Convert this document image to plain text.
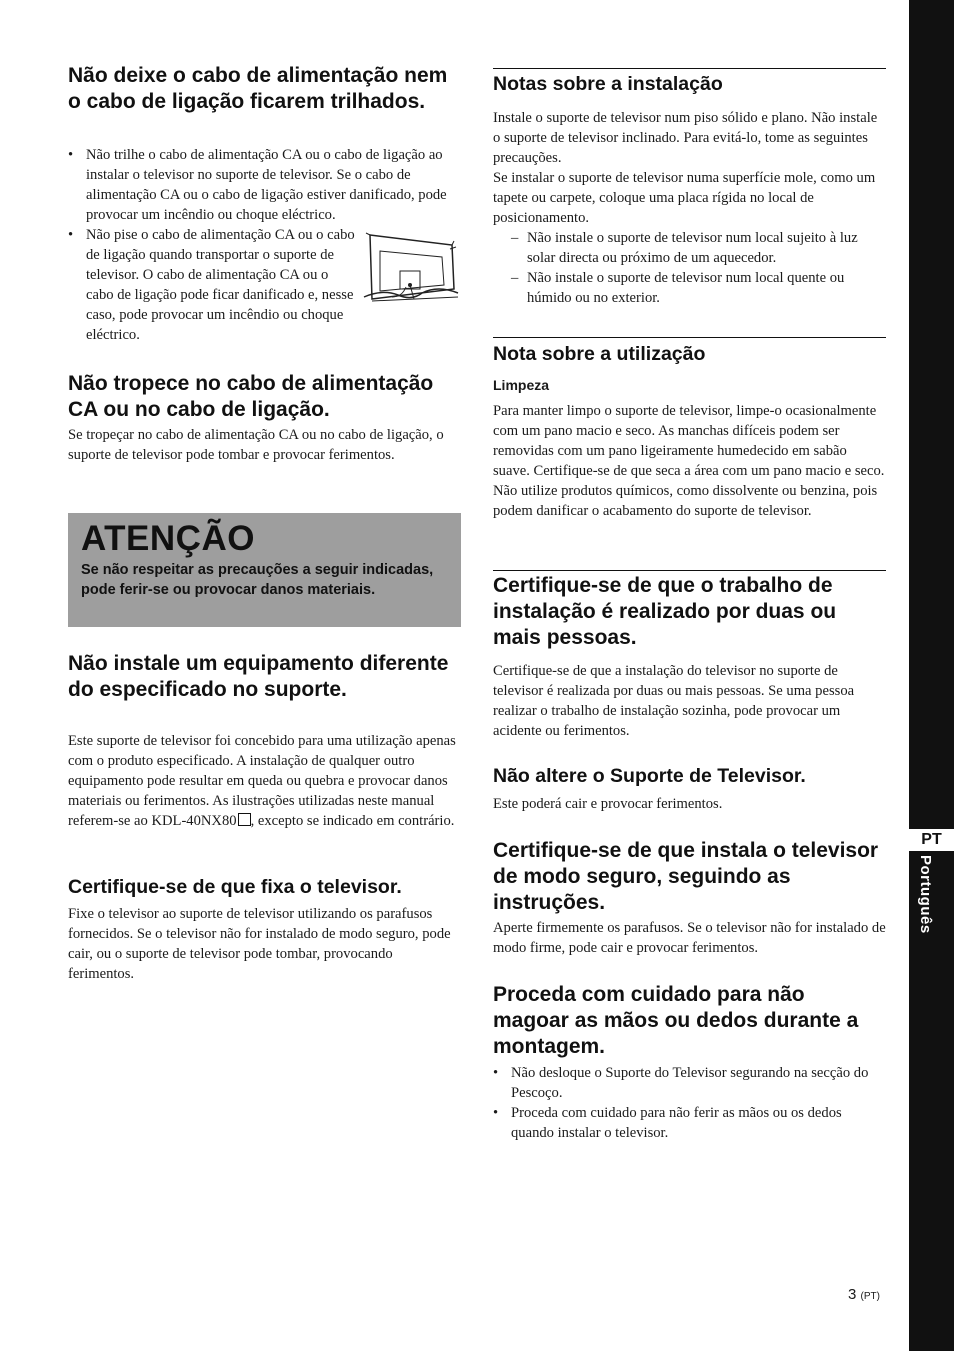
Não deixe o cabo de alimentação nem o cabo de ligação ficarem trilhados.
• Não trilhe o cabo de alimentação CA ou o cabo de ligação ao instalar o televisor no suporte de televisor. Se o cabo de alimentação CA ou o cabo de ligação estiver danificado, pode provocar um incêndio ou choque eléctrico.
• Não pise o cabo de alimentação CA ou o cabo de ligação quando transportar o suporte de televisor. O cabo de alimentação CA ou o cabo de ligação pode ficar danificado e, nesse caso, pode provocar um incêndio ou choque eléctrico.
Não tropece no cabo de alimentação CA ou no cabo de ligação.

Se tropeçar no cabo de alimentação CA ou no cabo de ligação, o suporte de televisor pode tombar e provocar ferimentos.

ATENÇÃO
Se não respeitar as precauções a seguir indicadas, pode ferir-se ou provocar danos materiais.
Não instale um equipamento diferente do especificado no suporte.

Este suporte de televisor foi concebido para uma utilização apenas com o produto especificado. A instalação de qualquer outro equipamento pode resultar em queda ou quebra e provocar danos materiais ou ferimentos. As ilustrações utilizadas neste manual referem-se ao KDL-40NX80 , excepto se indicado em contrário.

Certifique-se de que fixa o televisor.

Fixe o televisor ao suporte de televisor utilizando os parafusos fornecidos. Se o televisor não for instalado de modo seguro, pode cair, ou o suporte de televisor pode tombar, provocando ferimentos.

Notas sobre a instalação

Instale o suporte de televisor num piso sólido e plano. Não instale o suporte de televisor inclinado. Para evitá-lo, tome as seguintes precauções.

Se instalar o suporte de televisor numa superfície mole, como um tapete ou carpete, coloque uma placa rígida no local de posicionamento.

– Não instale o suporte de televisor num local sujeito à luz solar directa ou próximo de um aquecedor.
– Não instale o suporte de televisor num local quente ou húmido ou no exterior.
Nota sobre a utilização
Limpeza

Para manter limpo o suporte de televisor, limpe-o ocasionalmente com um pano macio e seco. As manchas difíceis podem ser removidas com um pano ligeiramente humedecido em sabão suave. Certifique-se de que seca a área com um pano macio e seco. Não utilize produtos químicos, como dissolvente ou benzina, pois podem danificar o acabamento do suporte de televisor.

Certifique-se de que o trabalho de instalação é realizado por duas ou mais pessoas.

Certifique-se de que a instalação do televisor no suporte de televisor é realizada por duas ou mais pessoas. Se uma pessoa realizar o trabalho de instalação sozinha, pode provocar um acidente ou ferimentos.

Não altere o Suporte de Televisor.

Este poderá cair e provocar ferimentos.

Certifique-se de que instala o televisor de modo seguro, seguindo as instruções.

Aperte firmemente os parafusos. Se o televisor não for instalado de modo firme, pode cair e provocar ferimentos.

Proceda com cuidado para não magoar as mãos ou dedos durante a montagem.
• Não desloque o Suporte do Televisor segurando na secção do Pescoço.
• Proceda com cuidado para não ferir as mãos ou os dedos quando instalar o televisor.
PT
Português
3 (PT)
